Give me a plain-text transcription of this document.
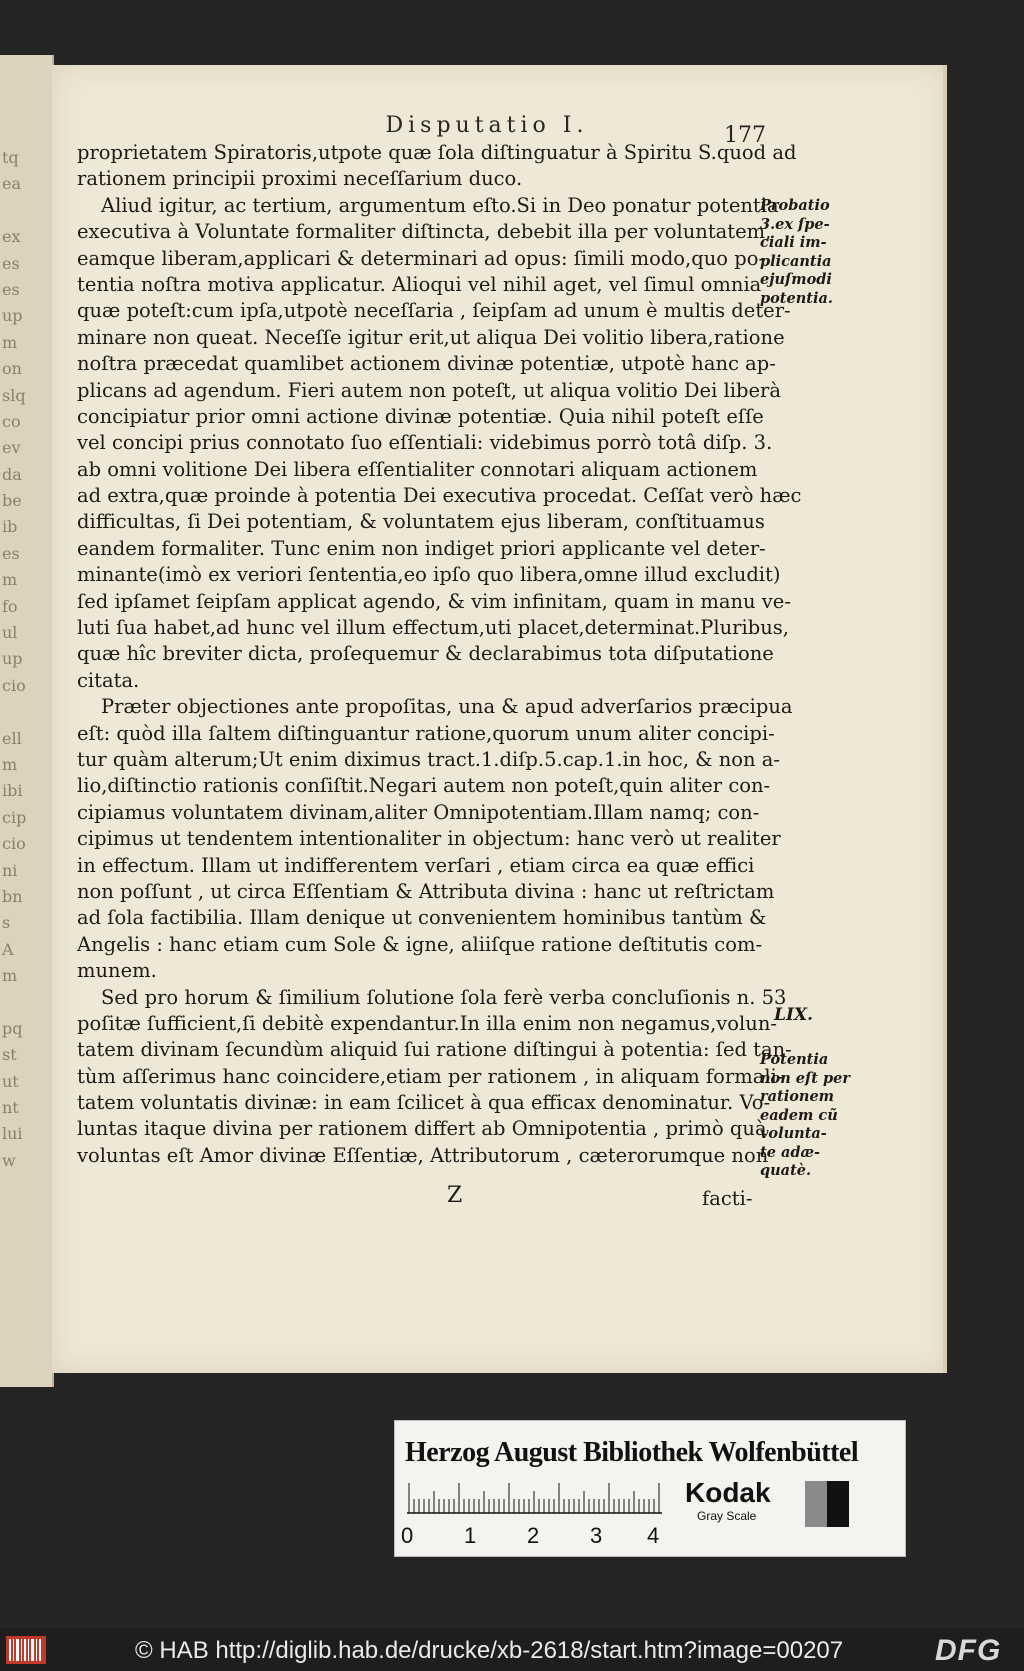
tq
ea
ex
es
es
up
m
on
slq
co
ev
da
be
ib
es
m
fo
ul
up
cio
ell
m
ibi
cip
cio
ni
bn
s
A
m
pq
st
ut
nt
lui
w
Disputatio I.	177
proprietatem Spiratoris,utpote quæ ſola diſtinguatur à Spiritu S.quod ad
rationem principii proximi neceſſarium duco.
Aliud igitur, ac tertium, argumentum eſto.Si in Deo ponatur potentia
executiva à Voluntate formaliter diſtincta, debebit illa per voluntatem,
eamque liberam,applicari & determinari ad opus: ſimili modo,quo po-
tentia noſtra motiva applicatur. Alioqui vel nihil aget, vel ſimul omnia
quæ poteſt:cum ipſa,utpotè neceſſaria , ſeipſam ad unum è multis deter-
minare non queat. Neceſſe igitur erit,ut aliqua Dei volitio libera,ratione
noſtra præcedat quamlibet actionem divinæ potentiæ, utpotè hanc ap-
plicans ad agendum. Fieri autem non poteſt, ut aliqua volitio Dei liberà
concipiatur prior omni actione divinæ potentiæ. Quia nihil poteſt eſſe
vel concipi prius connotato ſuo eſſentiali: videbimus porrò totâ diſp. 3.
ab omni volitione Dei libera eſſentialiter connotari aliquam actionem
ad extra,quæ proinde à potentia Dei executiva procedat. Ceſſat verò hæc
difficultas, ſi Dei potentiam, & voluntatem ejus liberam, conſtituamus
eandem formaliter. Tunc enim non indiget priori applicante vel deter-
minante(imò ex veriori ſententia,eo ipſo quo libera,omne illud excludit)
ſed ipſamet ſeipſam applicat agendo, & vim infinitam, quam in manu ve-
luti ſua habet,ad hunc vel illum effectum,uti placet,determinat.Pluribus,
quæ hîc breviter dicta, proſequemur & declarabimus tota diſputatione
citata.
Præter objectiones ante propoſitas, una & apud adverſarios præcipua
eſt: quòd illa ſaltem diſtinguantur ratione,quorum unum aliter concipi-
tur quàm alterum;Ut enim diximus tract.1.diſp.5.cap.1.in hoc, & non a-
lio,diſtinctio rationis conſiſtit.Negari autem non poteſt,quin aliter con-
cipiamus voluntatem divinam,aliter Omnipotentiam.Illam namq; con-
cipimus ut tendentem intentionaliter in objectum: hanc verò ut realiter
in effectum. Illam ut indifferentem verſari , etiam circa ea quæ effici
non poſſunt , ut circa Eſſentiam & Attributa divina : hanc ut reſtrictam
ad ſola factibilia. Illam denique ut convenientem hominibus tantùm &
Angelis : hanc etiam cum Sole & igne, aliiſque ratione deſtitutis com-
munem.
Sed pro horum & ſimilium ſolutione ſola ferè verba concluſionis n. 53
poſitæ ſufficient,ſi debitè expendantur.In illa enim non negamus,volun-
tatem divinam ſecundùm aliquid ſui ratione diſtingui à potentia: ſed tan-
tùm aſſerimus hanc coincidere,etiam per rationem , in aliquam formali-
tatem voluntatis divinæ: in eam ſcilicet à qua efficax denominatur. Vo-
luntas itaque divina per rationem differt ab Omnipotentia , primò quà
voluntas eſt Amor divinæ Eſſentiæ, Attributorum , cæterorumque non
Probatio
3.ex ſpe-
ciali im-
plicantia
ejuſmodi
potentia.
LIX.
Potentia
non eſt per
rationem
eadem cũ
volunta-
te adæ-
quatè.
Z	facti-
Herzog August Bibliothek Wolfenbüttel
0 1 2 3 4
Kodak
Gray Scale
© HAB http://diglib.hab.de/drucke/xb-2618/start.htm?image=00207	DFG
